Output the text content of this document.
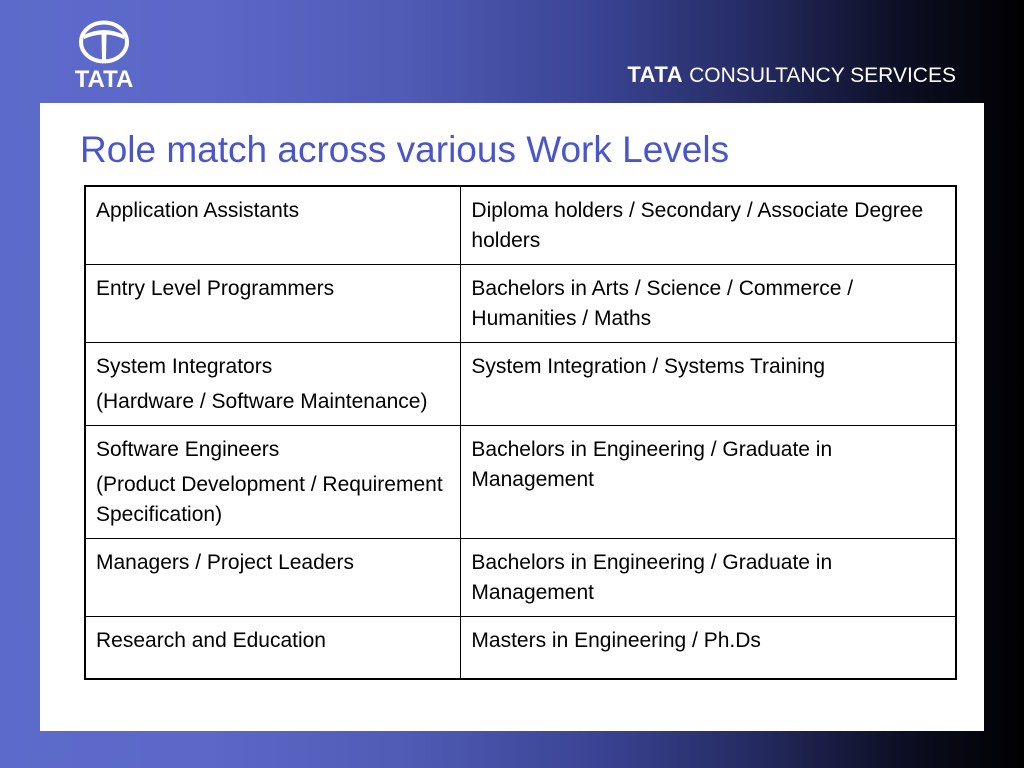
TATA	TATA CONSULTANCY SERVICES
Role match across various Work Levels
Application Assistants	Diploma holders / Secondary / Associate Degree holders
Entry Level Programmers	Bachelors in Arts / Science / Commerce / Humanities / Maths
System Integrators
(Hardware / Software Maintenance)	System Integration / Systems Training
Software Engineers
(Product Development / Requirement Specification)	Bachelors in Engineering / Graduate in Management
Managers / Project Leaders	Bachelors in Engineering / Graduate in Management
Research and Education	Masters in Engineering / Ph.Ds
